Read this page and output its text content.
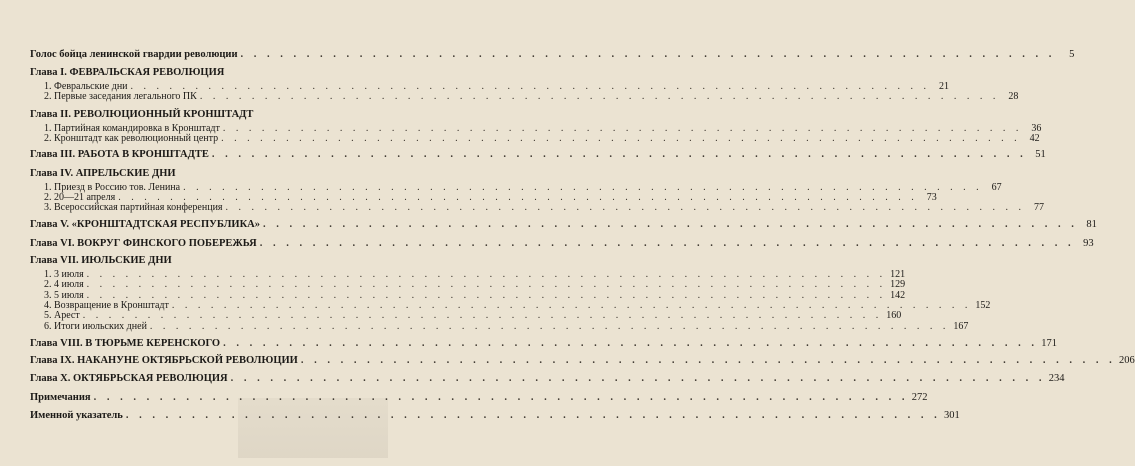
Голос бойца ленинской гвардии революции . . .	5
Глава I. ФЕВРАЛЬСКАЯ РЕВОЛЮЦИЯ
1. Февральские дни . . .	21
2. Первые заседания легального ПК . . .	28
Глава II. РЕВОЛЮЦИОННЫЙ КРОНШТАДТ
1. Партийная командировка в Кронштадт . . .	36
2. Кронштадт как революционный центр . . .	42
Глава III. РАБОТА В КРОНШТАДТЕ . . .	51
Глава IV. АПРЕЛЬСКИЕ ДНИ
1. Приезд в Россию тов. Ленина . . .	67
2. 20—21 апреля . . .	73
3. Всероссийская партийная конференция . . .	77
Глава V. «КРОНШТАДТСКАЯ РЕСПУБЛИКА» . . .	81
Глава VI. ВОКРУГ ФИНСКОГО ПОБЕРЕЖЬЯ . . .	93
Глава VII. ИЮЛЬСКИЕ ДНИ
1. 3 июля . . .	121
2. 4 июля . . .	129
3. 5 июля . . .	142
4. Возвращение в Кронштадт . . .	152
5. Арест . . .	160
6. Итоги июльских дней . . .	167
Глава VIII. В ТЮРЬМЕ КЕРЕНСКОГО . . .	171
Глава IX. НАКАНУНЕ ОКТЯБРЬСКОЙ РЕВОЛЮЦИИ . . .	206
Глава X. ОКТЯБРЬСКАЯ РЕВОЛЮЦИЯ . . .	234
Примечания . . .	272
Именной указатель . . .	301
